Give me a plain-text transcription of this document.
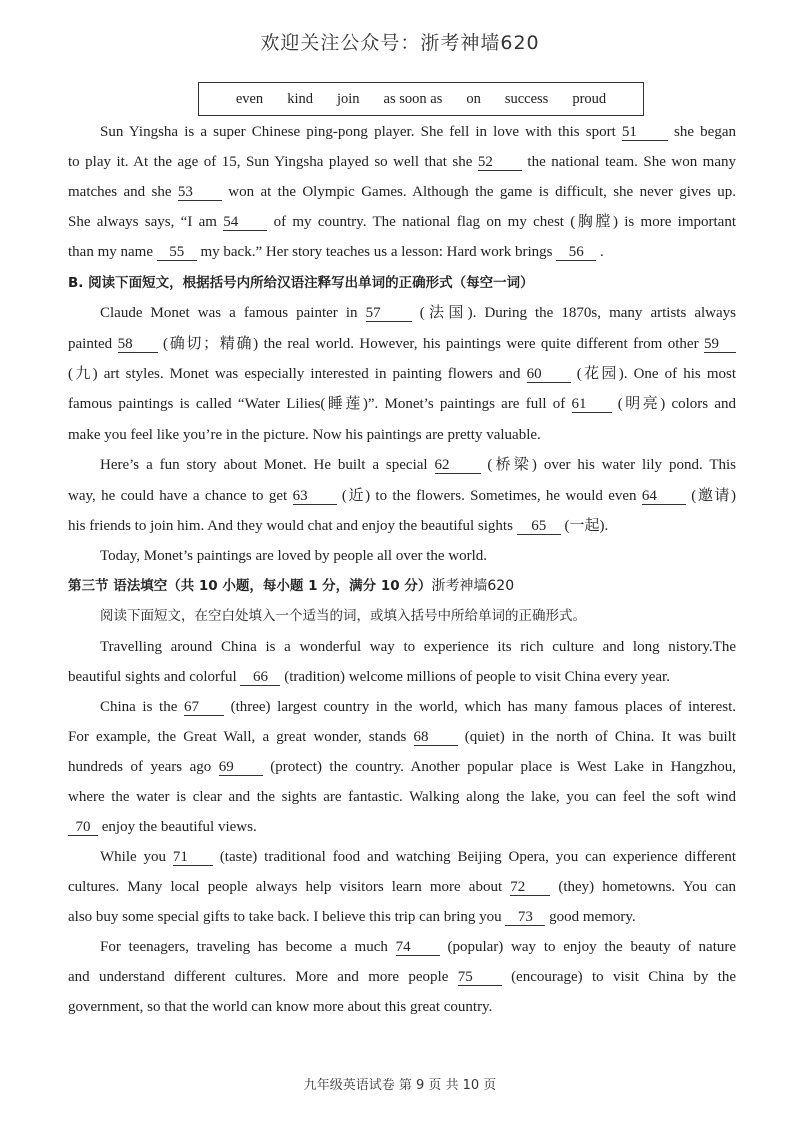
欢迎关注公众号：浙考神墙620
even kind join as soon as on success proud
Sun Yingsha is a super Chinese ping-pong player. She fell in love with this sport 51 she began
to play it. At the age of 15, Sun Yingsha played so well that she 52 the national team. She won many
matches and she 53 won at the Olympic Games. Although the game is difficult, she never gives up.
She always says, “I am 54 of my country. The national flag on my chest (胸膛) is more important
than my name 55 my back.” Her story teaches us a lesson: Hard work brings 56 .
B. 阅读下面短文，根据括号内所给汉语注释写出单词的正确形式（每空一词）
Claude Monet was a famous painter in 57	(法国). During the 1870s, many artists always
painted 58 (确切；精确) the real world. However, his paintings were quite different from other 59
(九) art styles. Monet was especially interested in painting flowers and 60 (花园). One of his most
famous paintings is called “Water Lilies(睡莲)”. Monet’s paintings are full of 61 (明亮) colors and
make you feel like you’re in the picture. Now his paintings are pretty valuable.
Here’s a fun story about Monet. He built a special 62	(桥梁) over his water lily pond. This
way, he could have a chance to get 63 (近) to the flowers. Sometimes, he would even 64 (邀请)
his friends to join him. And they would chat and enjoy the beautiful sights 65 (一起).
Today, Monet’s paintings are loved by people all over the world.
第三节 语法填空（共 10 小题，每小题 1 分，满分 10 分）浙考神墙620
阅读下面短文，在空白处填入一个适当的词，或填入括号中所给单词的正确形式。
Travelling around China is a wonderful way to experience its rich culture and long nistory.The
beautiful sights and colorful 66 (tradition) welcome millions of people to visit China every year.
China is the 67 (three) largest country in the world, which has many famous places of interest.
For example, the Great Wall, a great wonder, stands 68 (quiet) in the north of China. It was built
hundreds of years ago 69 (protect) the country. Another popular place is West Lake in Hangzhou,
where the water is clear and the sights are fantastic. Walking along the lake, you can feel the soft wind
70 enjoy the beautiful views.
While you 71 (taste) traditional food and watching Beijing Opera, you can experience different
cultures. Many local people always help visitors learn more about 72 (they) hometowns. You can
also buy some special gifts to take back. I believe this trip can bring you 73 good memory.
For teenagers, traveling has become a much 74 (popular) way to enjoy the beauty of nature
and understand different cultures. More and more people 75	(encourage) to visit China by the
government, so that the world can know more about this great country.
九年级英语试卷 第 9 页 共 10 页
